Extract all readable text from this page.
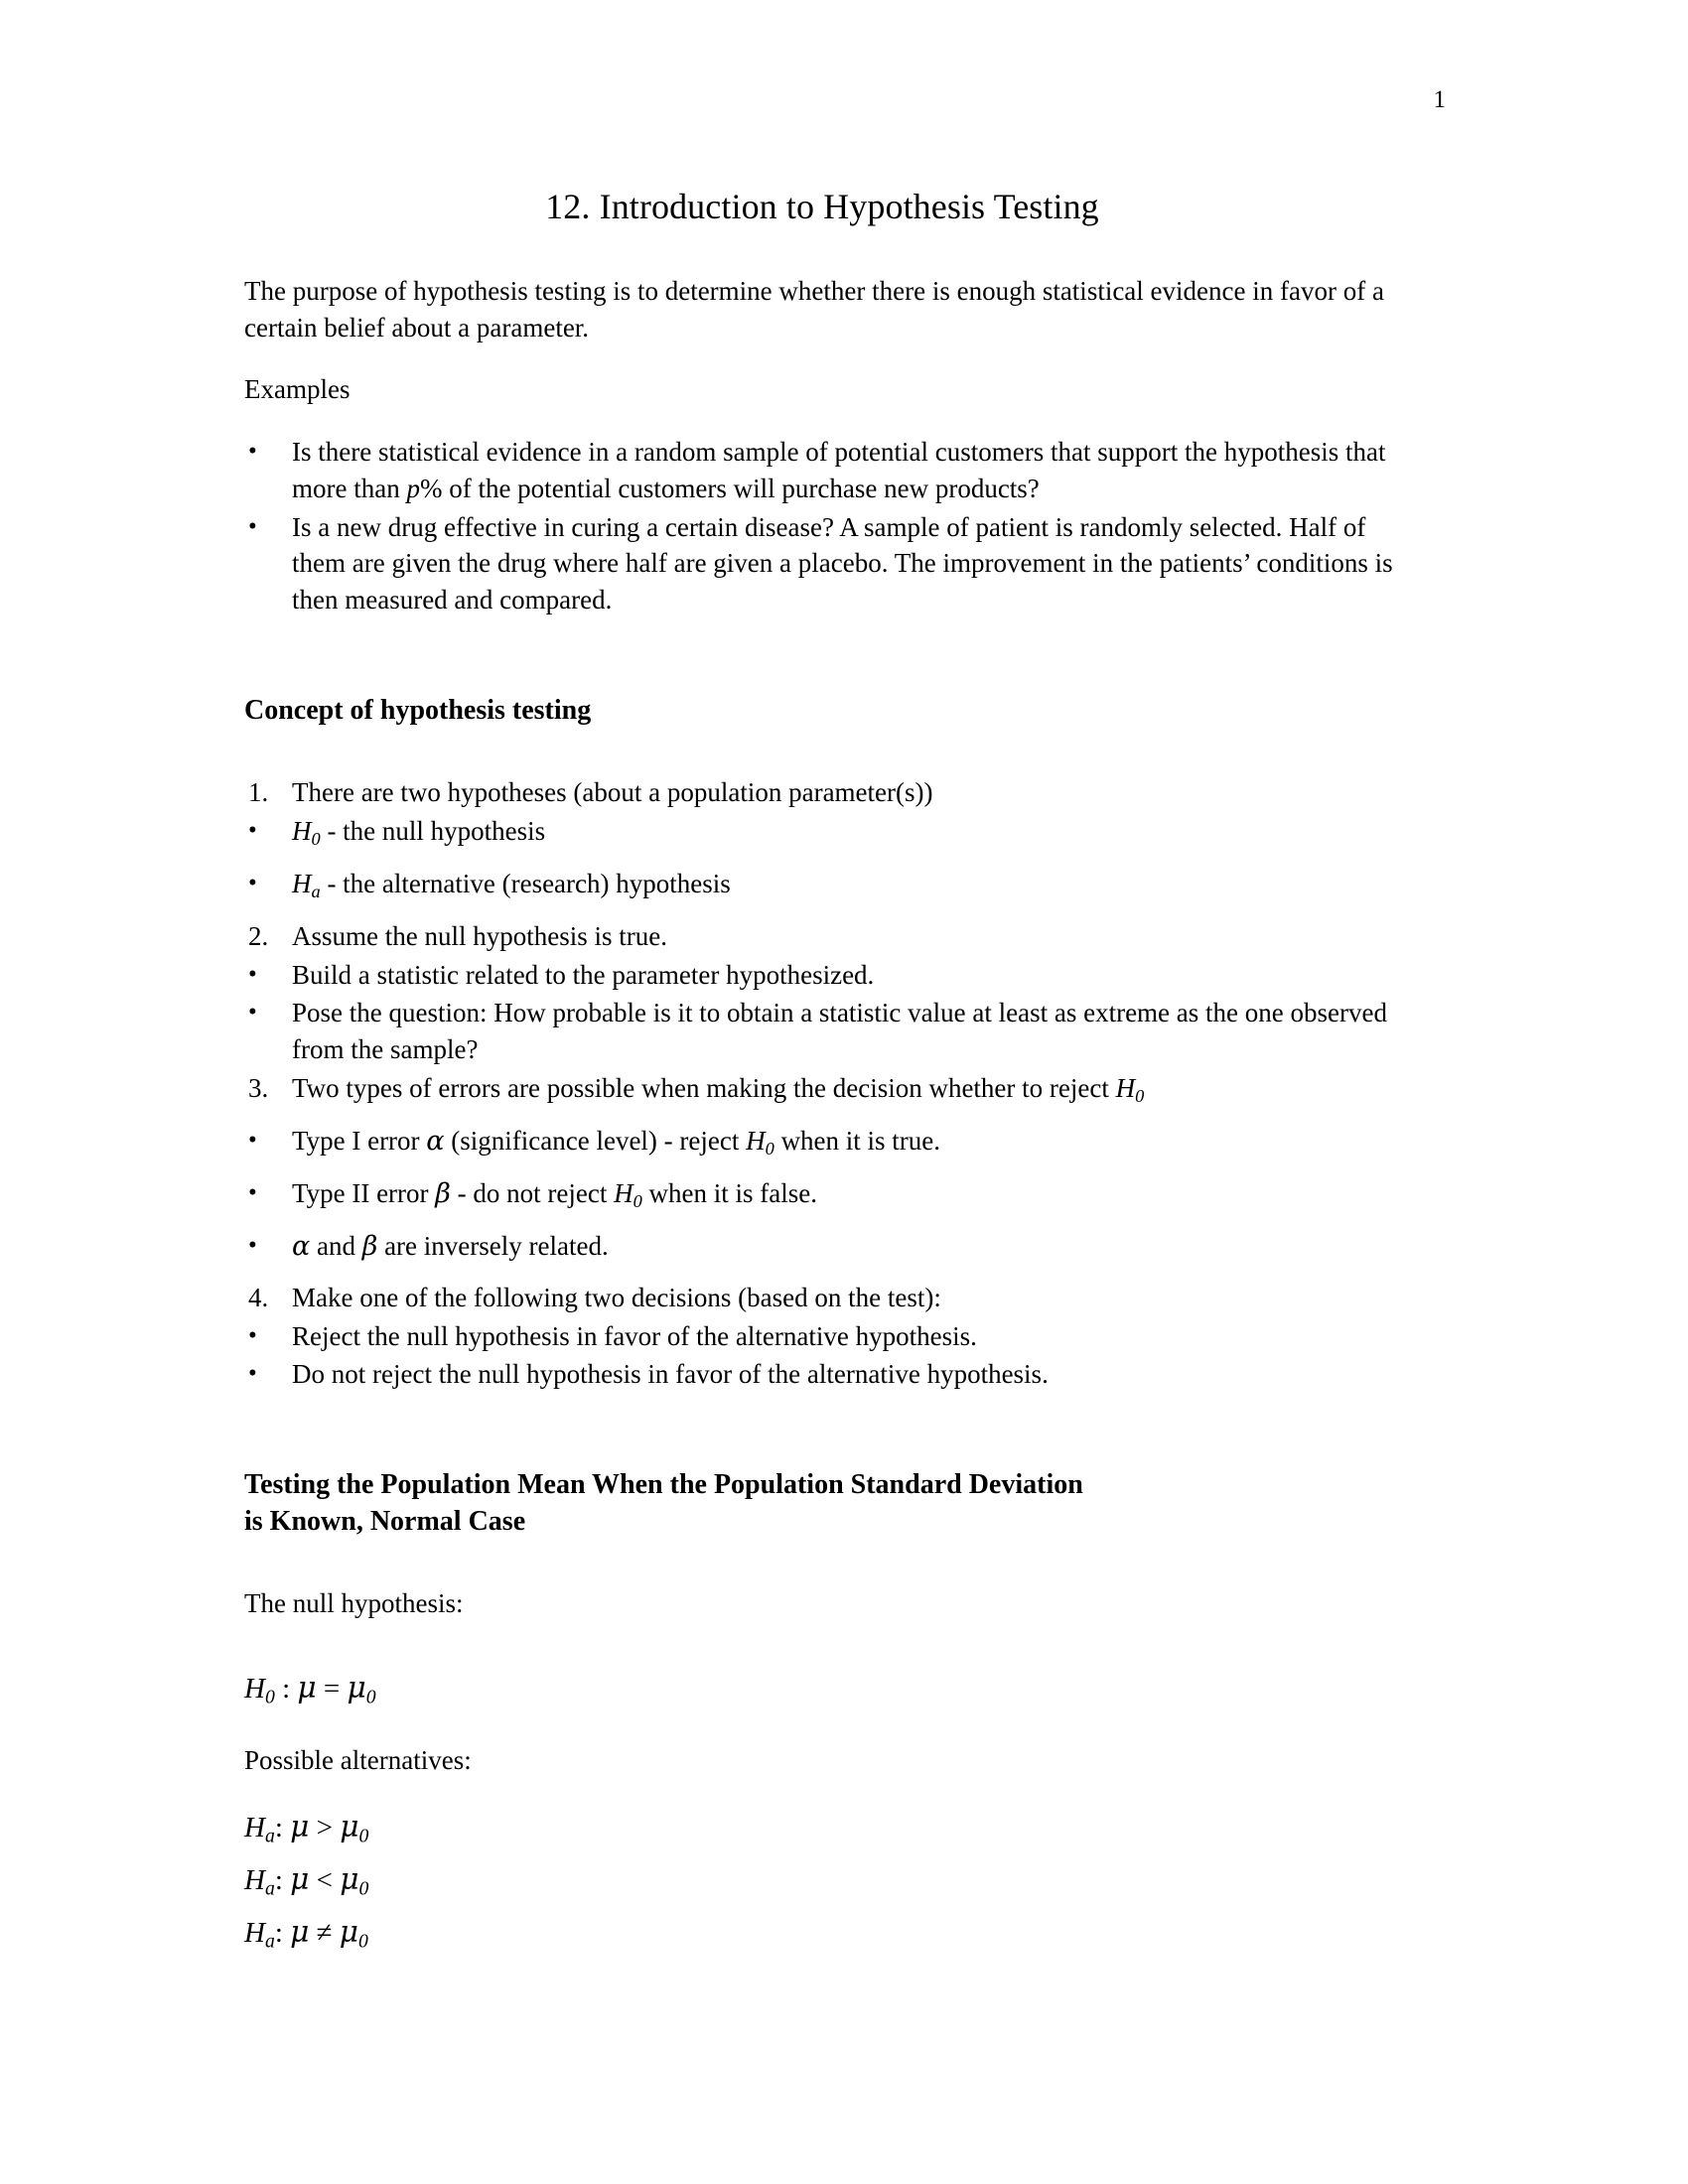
1
12. Introduction to Hypothesis Testing

The purpose of hypothesis testing is to determine whether there is enough statistical evidence in favor of a certain belief about a parameter.

Examples

•	Is there statistical evidence in a random sample of potential customers that support the hypothesis that more than p% of the potential customers will purchase new products?
•	Is a new drug effective in curing a certain disease? A sample of patient is randomly selected. Half of them are given the drug where half are given a placebo. The improvement in the patients’ conditions is then measured and compared.
Concept of hypothesis testing
1. There are two hypotheses (about a population parameter(s))
•	$H_0$ - the null hypothesis
•	$H_a$ - the alternative (research) hypothesis
2. Assume the null hypothesis is true.
•	Build a statistic related to the parameter hypothesized.
•	Pose the question: How probable is it to obtain a statistic value at least as extreme as the one observed from the sample?
3. Two types of errors are possible when making the decision whether to reject $H_0$
•	Type I error α (significance level) - reject $H_0$ when it is true.
•	Type II error β - do not reject $H_0$ when it is false.
•	α and β are inversely related.
4. Make one of the following two decisions (based on the test):
•	Reject the null hypothesis in favor of the alternative hypothesis.
•	Do not reject the null hypothesis in favor of the alternative hypothesis.
Testing the Population Mean When the Population Standard Deviation
is Known, Normal Case

The null hypothesis:

$H_0$ : $\mu = \mu_0$

Possible alternatives:

$H_a$: $\mu > \mu_0$

$H_a$: $\mu < \mu_0$

$H_a$: $\mu \ne \mu_0$
